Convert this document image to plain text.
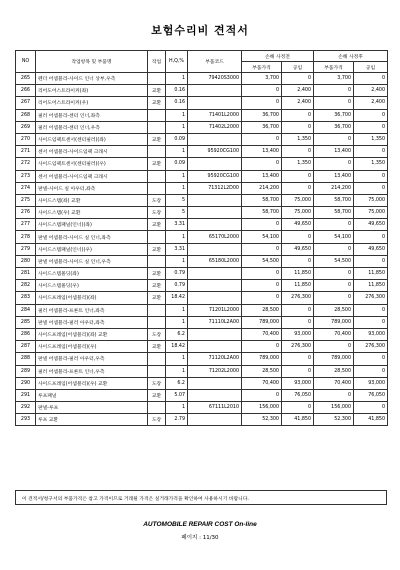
보험수리비 견적서
NO	작업항목 및 부품명	작업	H,Q,%	부품코드	손해 사정전		손해 사정후	
					부품가격	공임	부품가격	공임
265	펜더 어셈블리-사이드 인너 상부,우측		1	79420S3000	3,700	0	3,700	0
266	리어도어스트라이커(좌)	교환	0.16		0	2,400	0	2,400
267	리어도어스트라이커(우)	교환	0.16		0	2,400	0	2,400
268	필러 어셈블리-센터 인너,좌측		1	71401L2000	36,700	0	36,700	0
269	필러 어셈블리-센터 인너,우측		1	71402L2000	36,700	0	36,700	0
270	사이드임팩트센서(센터필러)(좌)	교환	0.09		0	1,350	0	1,350
271	센서 어셈블리-사이드임팩 크래시		1	95920CG100	13,400	0	13,400	0
272	사이드임팩트센서(센터필러)(우)	교환	0.09		0	1,350	0	1,350
273	센서 어셈블리-사이드임팩 크래시		1	95920CG100	13,400	0	13,400	0
274	판넬-사이드 실 아우터,좌측		1	71312L2D00	214,200	0	214,200	0
275	사이드스텝(좌) 교환	도장	5		58,700	75,000	58,700	75,000
276	사이드스텝(우) 교환	도장	5		58,700	75,000	58,700	75,000
277	사이드스텝패널(인너)(좌)	교환	3.31		0	49,650	0	49,650
278	판넬 어셈블리-사이드 실 인너,좌측		1	65170L2000	54,100	0	54,100	0
279	사이드스텝패널(인너)(우)	교환	3.31		0	49,650	0	49,650
280	판넬 어셈블리-사이드 실 인너,우측		1	65180L2000	54,500	0	54,500	0
281	사이드스텝몰딩(좌)	교환	0.79		0	11,850	0	11,850
282	사이드스텝몰딩(우)	교환	0.79		0	11,850	0	11,850
283	사이드프레임(어셈블리)(좌)	교환	18.42		0	276,300	0	276,300
284	필러 어셈블리-프론트 인너,좌측		1	71201L2000	28,500	0	28,500	0
285	판넬 어셈블리-필러 아우터,좌측		1	71110L2A00	789,000	0	789,000	0
286	사이드프레임(어셈블리)(좌) 교환	도장	6.2		70,400	93,000	70,400	93,000
287	사이드프레임(어셈블리)(우)	교환	18.42		0	276,300	0	276,300
288	판넬 어셈블리-필러 아우터,우측		1	71120L2A00	789,000	0	789,000	0
289	필러 어셈블리-프론트 인너,우측		1	71202L2000	28,500	0	28,500	0
290	사이드프레임(어셈블리)(우) 교환	도장	6.2		70,400	93,000	70,400	93,000
291	루프패널	교환	5.07		0	76,050	0	76,050
292	판넬-루프		1	67111L2010	156,000	0	156,000	0
293	루프 교환	도장	2.79		52,300	41,850	52,300	41,850
이 견적서/청구서의 부품가격은 참고 가격이므로 거래될 가격은 실거래가격을 확인하여 사용하시기 바랍니다.
AUTOMOBILE REPAIR COST On-line
페이지 : 11/30
